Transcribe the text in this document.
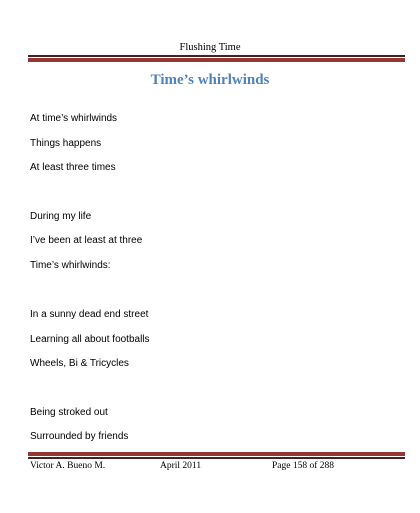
Flushing Time
Time’s whirlwinds
At time’s whirlwinds
Things happens
At least three times
During my life
I’ve been at least at three
Time’s whirlwinds:
In a sunny dead end street
Learning all about footballs
Wheels, Bi & Tricycles
Being stroked out
Surrounded by friends
Victor A. Bueno M.	April 2011	Page 158 of 288
